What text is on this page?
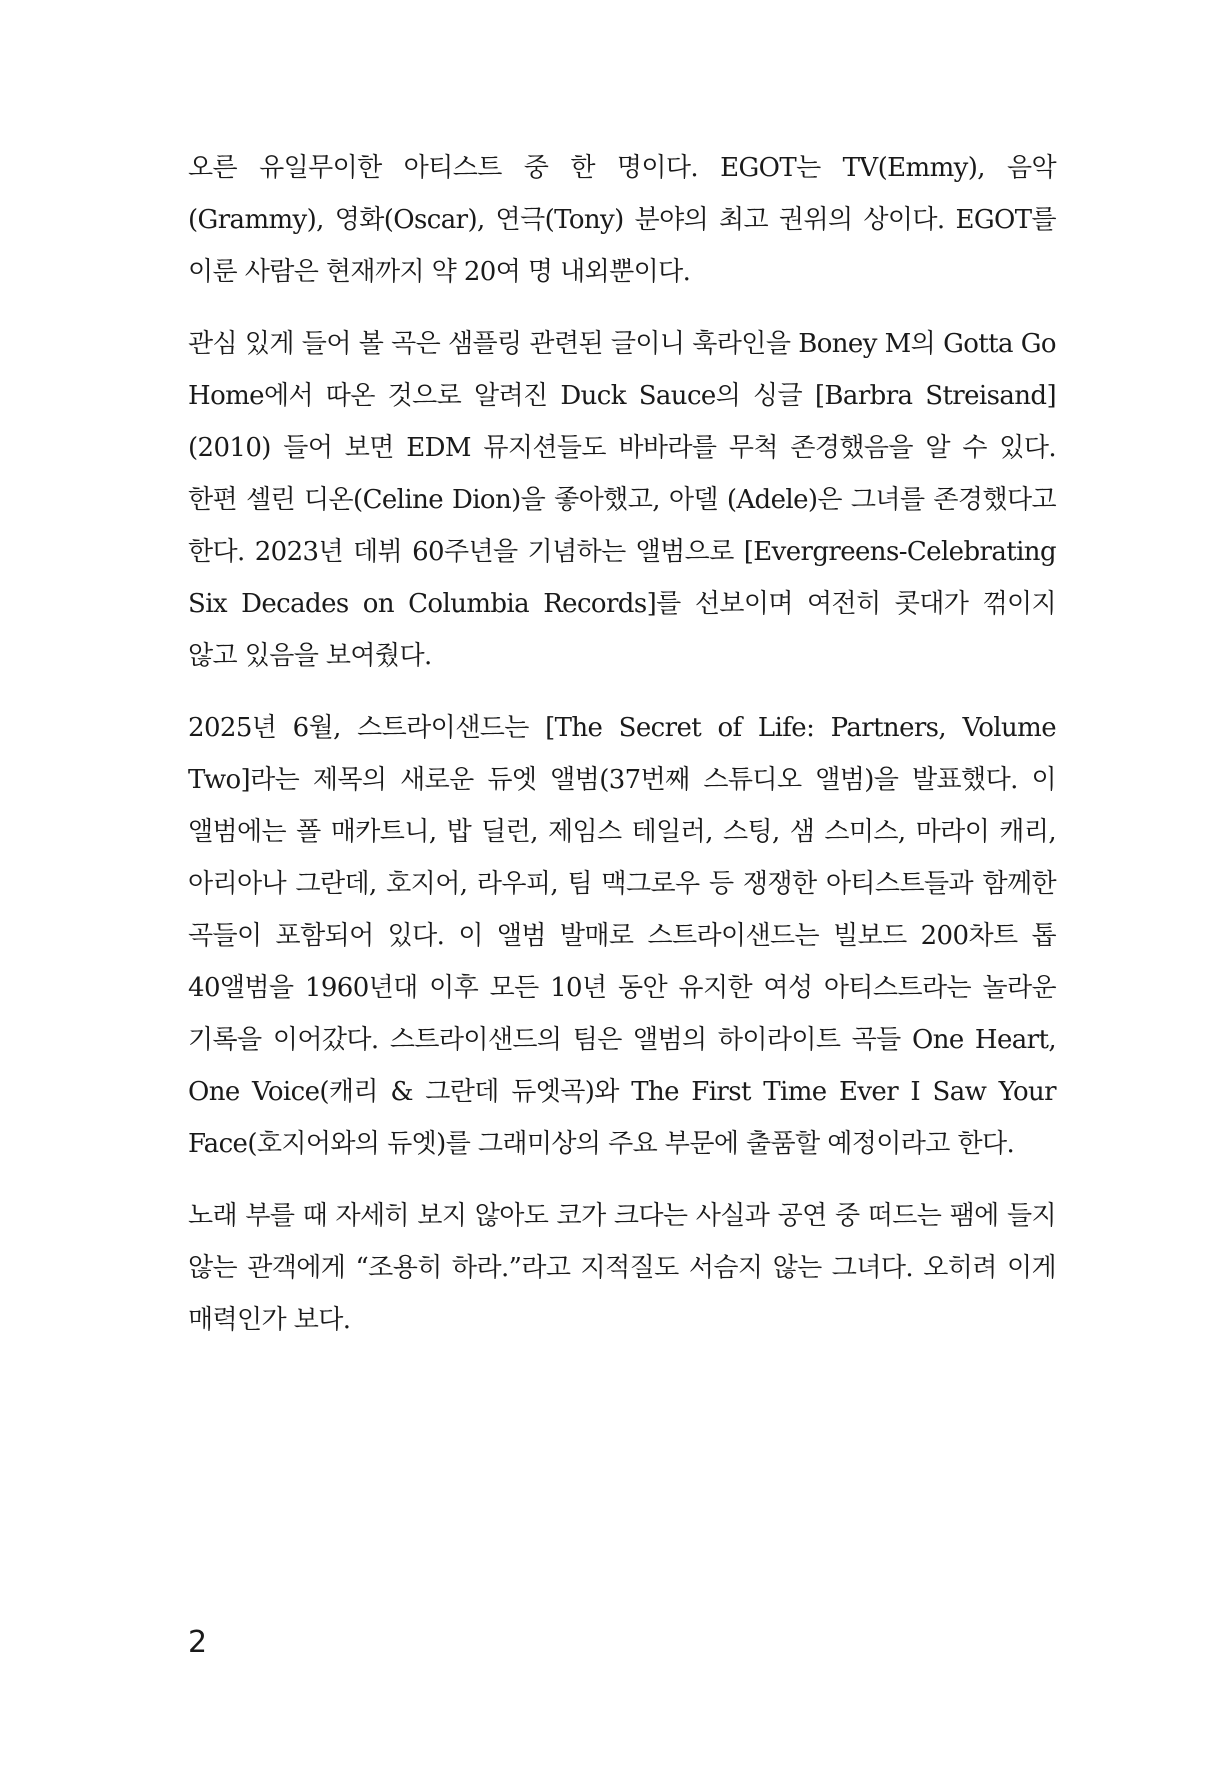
오른 유일무이한 아티스트 중 한 명이다. EGOT는 TV(Emmy), 음악(Grammy), 영화(Oscar), 연극(Tony) 분야의 최고 권위의 상이다. EGOT를 이룬 사람은 현재까지 약 20여 명 내외뿐이다.

관심 있게 들어 볼 곡은 샘플링 관련된 글이니 훅라인을 Boney M의 Gotta Go Home에서 따온 것으로 알려진 Duck Sauce의 싱글 [Barbra Streisand](2010) 들어 보면 EDM 뮤지션들도 바바라를 무척 존경했음을 알 수 있다. 한편 셀린 디온(Celine Dion)을 좋아했고, 아델 (Adele)은 그녀를 존경했다고 한다. 2023년 데뷔 60주년을 기념하는 앨범으로 [Evergreens-Celebrating Six Decades on Columbia Records]를 선보이며 여전히 콧대가 꺾이지 않고 있음을 보여줬다.

2025년 6월, 스트라이샌드는 [The Secret of Life: Partners, Volume Two]라는 제목의 새로운 듀엣 앨범(37번째 스튜디오 앨범)을 발표했다. 이 앨범에는 폴 매카트니, 밥 딜런, 제임스 테일러, 스팅, 샘 스미스, 마라이 캐리, 아리아나 그란데, 호지어, 라우피, 팀 맥그로우 등 쟁쟁한 아티스트들과 함께한 곡들이 포함되어 있다. 이 앨범 발매로 스트라이샌드는 빌보드 200차트 톱 40앨범을 1960년대 이후 모든 10년 동안 유지한 여성 아티스트라는 놀라운 기록을 이어갔다. 스트라이샌드의 팀은 앨범의 하이라이트 곡들 One Heart, One Voice(캐리 & 그란데 듀엣곡)와 The First Time Ever I Saw Your Face(호지어와의 듀엣)를 그래미상의 주요 부문에 출품할 예정이라고 한다.

노래 부를 때 자세히 보지 않아도 코가 크다는 사실과 공연 중 떠드는 팸에 들지 않는 관객에게 “조용히 하라.”라고 지적질도 서슴지 않는 그녀다. 오히려 이게 매력인가 보다.

2
